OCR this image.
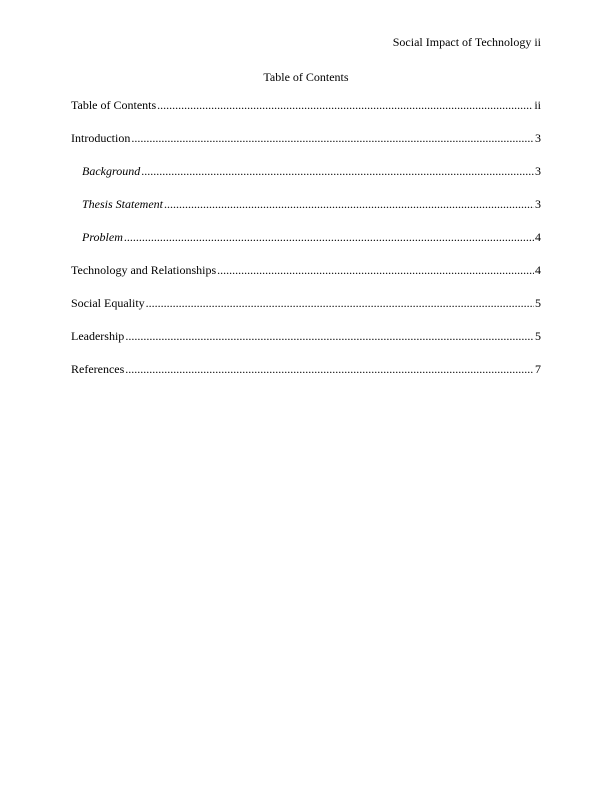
Social Impact of Technology ii
Table of Contents
Table of Contents .....	ii
Introduction .....	3
Background .....	3
Thesis Statement .....	3
Problem .....	4
Technology and Relationships .....	4
Social Equality .....	5
Leadership .....	5
References .....	7
